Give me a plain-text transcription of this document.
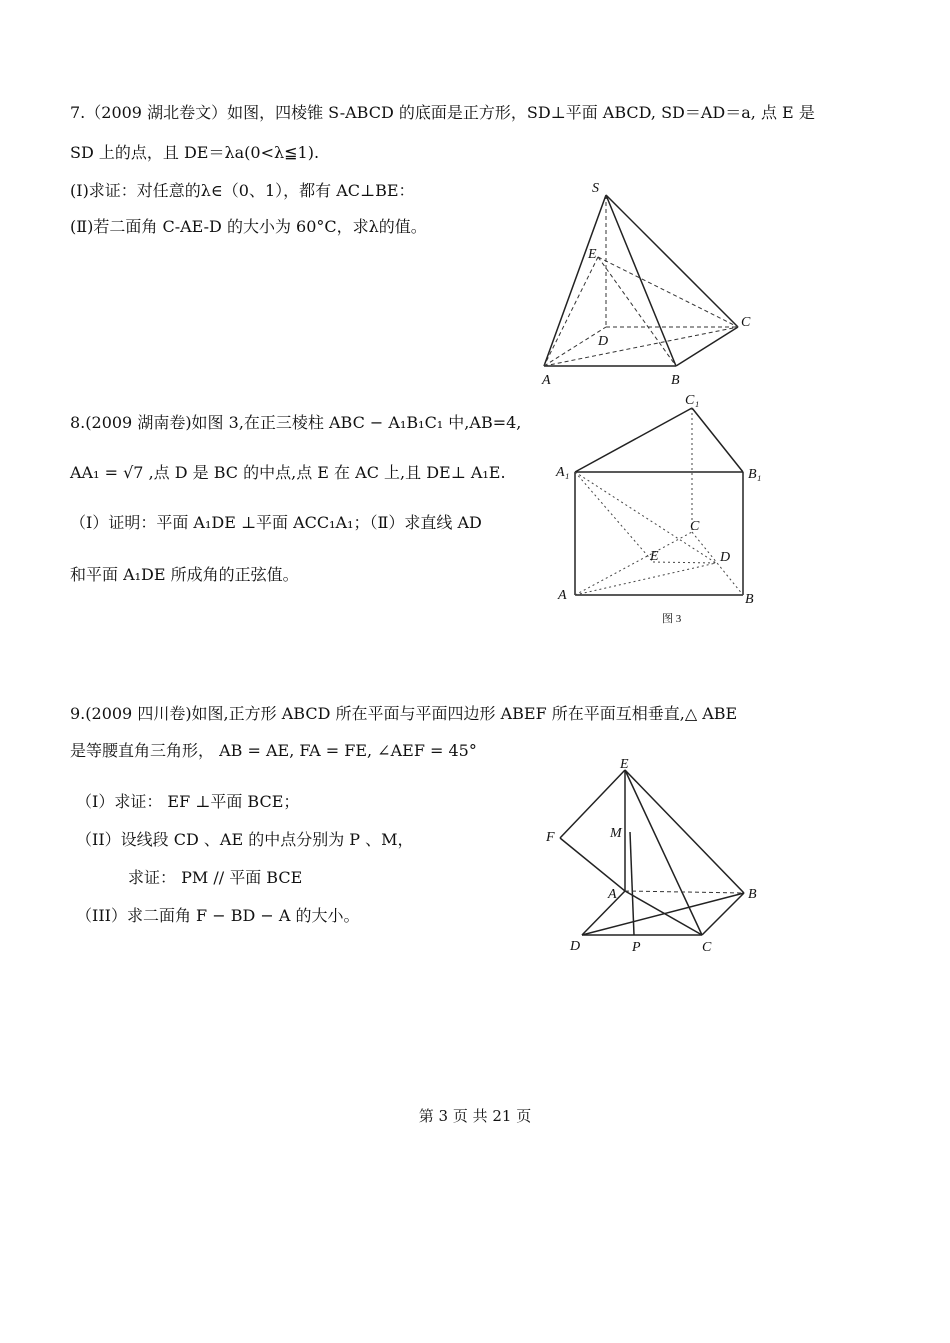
7.（2009 湖北卷文）如图，四棱锥 S-ABCD 的底面是正方形，SD⊥平面 ABCD, SD＝AD＝a, 点 E 是
SD 上的点，且 DE＝λa(0<λ≦1).
(Ⅰ)求证：对任意的λ∈（0、1），都有 AC⊥BE：
(Ⅱ)若二面角 C-AE-D 的大小为 60°C，求λ的值。
S
E
D
C
A	B
8.(2009 湖南卷)如图 3,在正三棱柱 ABC − A₁B₁C₁ 中,AB=4,
AA₁ = √7 ,点 D 是 BC 的中点,点 E 在 AC 上,且 DE⊥ A₁E.
（Ⅰ）证明：平面 A₁DE ⊥平面 ACC₁A₁；（Ⅱ）求直线 AD
和平面 A₁DE 所成角的正弦值。
C₁
A₁	B₁
C
E	D
A	B
图 3
9.(2009 四川卷)如图,正方形 ABCD 所在平面与平面四边形 ABEF 所在平面互相垂直,△ ABE
是等腰直角三角形， AB = AE, FA = FE, ∠AEF = 45°
（I）求证： EF ⊥平面 BCE；
（II）设线段 CD 、AE 的中点分别为 P 、M，
求证： PM // 平面 BCE
（III）求二面角 F − BD − A 的大小。
E
F	M
A	B
D	P	C
第 3 页 共 21 页
